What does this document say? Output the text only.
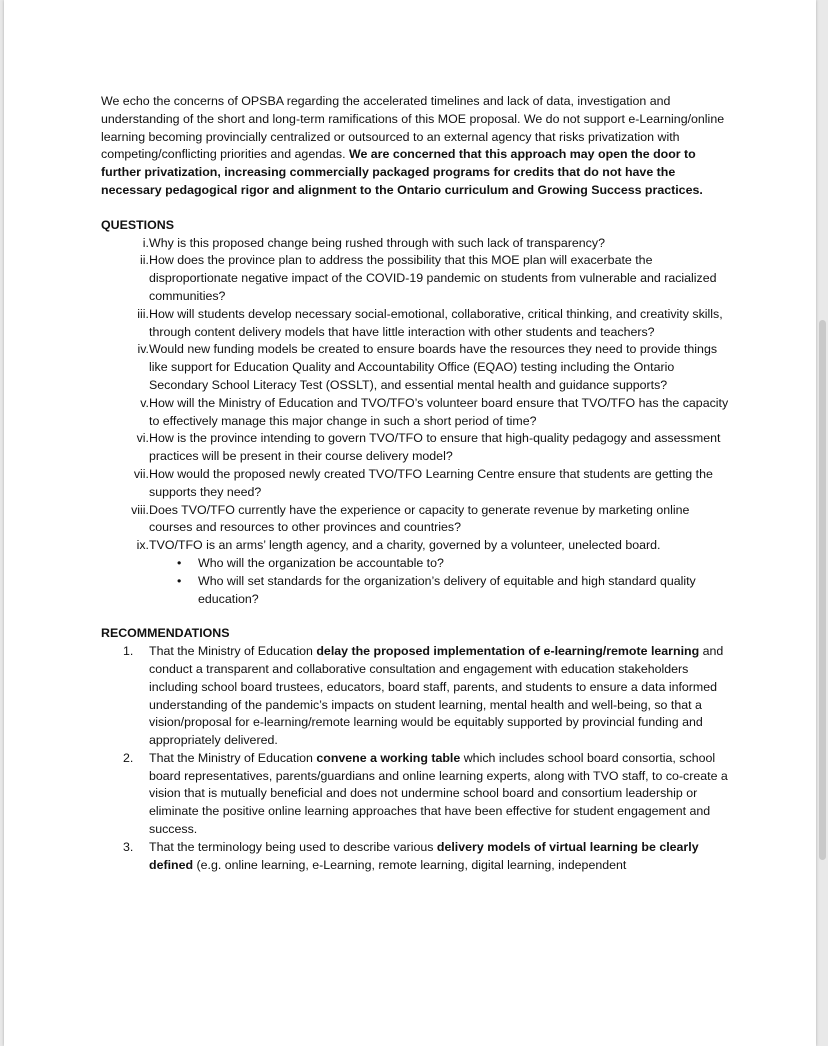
We echo the concerns of OPSBA regarding the accelerated timelines and lack of data, investigation and understanding of the short and long-term ramifications of this MOE proposal. We do not support e-Learning/online learning becoming provincially centralized or outsourced to an external agency that risks privatization with competing/conflicting priorities and agendas. We are concerned that this approach may open the door to further privatization, increasing commercially packaged programs for credits that do not have the necessary pedagogical rigor and alignment to the Ontario curriculum and Growing Success practices.

QUESTIONS
i. Why is this proposed change being rushed through with such lack of transparency?
ii. How does the province plan to address the possibility that this MOE plan will exacerbate the disproportionate negative impact of the COVID-19 pandemic on students from vulnerable and racialized communities?
iii. How will students develop necessary social-emotional, collaborative, critical thinking, and creativity skills, through content delivery models that have little interaction with other students and teachers?
iv. Would new funding models be created to ensure boards have the resources they need to provide things like support for Education Quality and Accountability Office (EQAO) testing including the Ontario Secondary School Literacy Test (OSSLT), and essential mental health and guidance supports?
v. How will the Ministry of Education and TVO/TFO’s volunteer board ensure that TVO/TFO has the capacity to effectively manage this major change in such a short period of time?
vi. How is the province intending to govern TVO/TFO to ensure that high-quality pedagogy and assessment practices will be present in their course delivery model?
vii. How would the proposed newly created TVO/TFO Learning Centre ensure that students are getting the supports they need?
viii. Does TVO/TFO currently have the experience or capacity to generate revenue by marketing online courses and resources to other provinces and countries?
ix. TVO/TFO is an arms’ length agency, and a charity, governed by a volunteer, unelected board.
• Who will the organization be accountable to?
• Who will set standards for the organization’s delivery of equitable and high standard quality education?
RECOMMENDATIONS
1. That the Ministry of Education delay the proposed implementation of e-learning/remote learning and conduct a transparent and collaborative consultation and engagement with education stakeholders including school board trustees, educators, board staff, parents, and students to ensure a data informed understanding of the pandemic’s impacts on student learning, mental health and well-being, so that a vision/proposal for e-learning/remote learning would be equitably supported by provincial funding and appropriately delivered.
2. That the Ministry of Education convene a working table which includes school board consortia, school board representatives, parents/guardians and online learning experts, along with TVO staff, to co-create a vision that is mutually beneficial and does not undermine school board and consortium leadership or eliminate the positive online learning approaches that have been effective for student engagement and success.
3. That the terminology being used to describe various delivery models of virtual learning be clearly defined (e.g. online learning, e-Learning, remote learning, digital learning, independent
